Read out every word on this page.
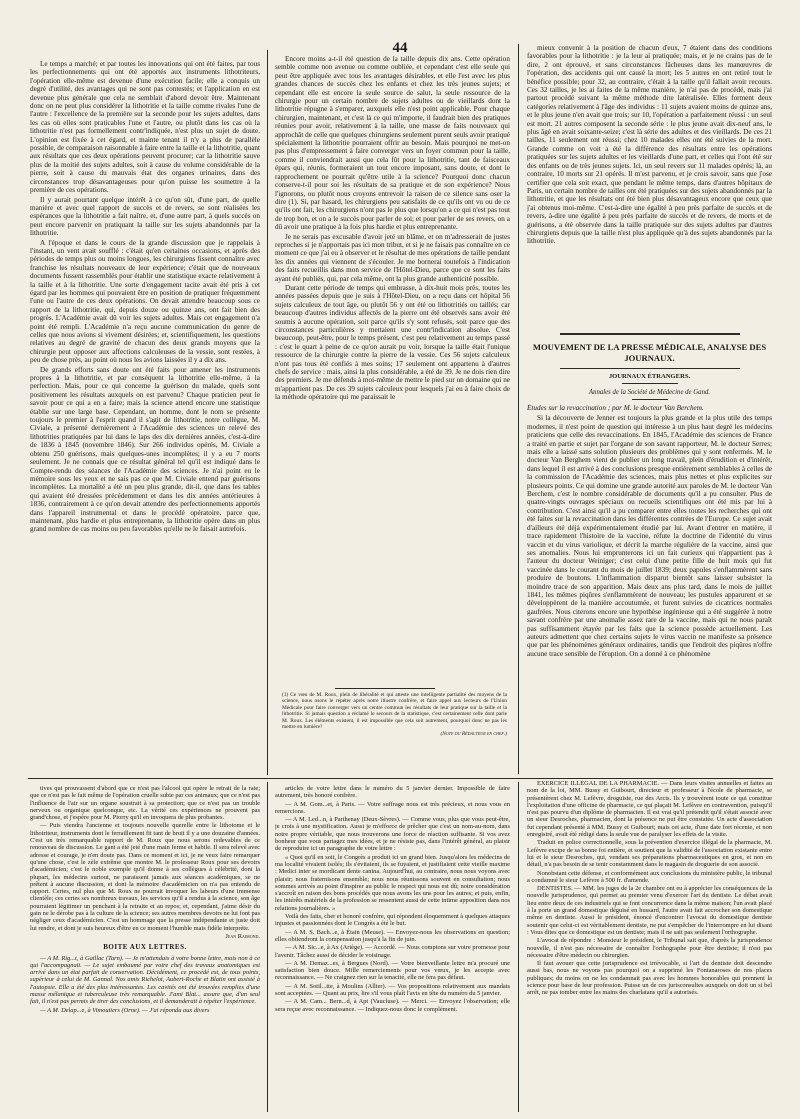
44

Le temps a marché; et par toutes les innovations qui ont été faites, par tous les perfectionnements qui ont été apportés aux instruments lithotriteurs, l'opération elle-même est devenue d'une exécution facile; elle a conquis un degré d'utilité, des avantages qui ne sont pas contestés; et l'application en est devenue plus générale que cela ne semblait d'abord devoir être. Maintenant donc on ne peut plus considérer la lithotritie et la taille comme rivales l'une de l'autre : l'excellence de la première sur la seconde pour les sujets adultes, dans les cas où elles sont praticables l'une et l'autre, ou plutôt dans les cas où la lithotritie n'est pas formellement contr'indiquée, n'est plus un sujet de doute. L'opinion est fixée à cet égard, et mainte tenant il n'y a plus de parallèle possible, de comparaison raisonnable à faire entre la taille et la lithotritie, quant aux résultats que ces deux opérations peuvent procurer; car la lithotritie sauve plus de la moitié des sujets adultes, soit à cause du volume considérable de la pierre, soit à cause du mauvais état des organes urinaires, dans des circonstances trop désavantageuses pour qu'on puisse les soumettre à la première de ces opérations.

Il y aurait pourtant quelque intérêt à ce qu'on sût, d'une part, de quelle manière et avec quel rapport de succès et de revers, se sont réalisées les espérances que la lithotritie a fait naître, et, d'une autre part, à quels succès on peut encore parvenir en pratiquant la taille sur les sujets abandonnés par la lithotritie.

A l'époque et dans le cours de la grande discussion que je rappelais à l'instant, un vent avait soufflé : c'était qu'en certaines occasions, et après des périodes de temps plus ou moins longues, les chirurgiens fissent connaître avec franchise les résultats nouveaux de leur expérience; c'était que de nouveaux documents fussent rassemblés pour établir une statistique exacte relativement à la taille et à la lithotritie. Une sorte d'engagement tacite avait été pris à cet égard par les hommes qui pouvaient être en position de pratiquer fréquemment l'une ou l'autre de ces deux opérations. On devait attendre beaucoup sous ce rapport de la lithotritie, qui, depuis douze ou quinze ans, ont fait bien des progrès. L'Académie avait dû voir les sujets adultes. Mais cet engagement n'a point été rempli. L'Académie n'a reçu aucune communication du genre de celles que nous avions si vivement désirées; et, scientifiquement, les questions relatives au degré de gravité de chacun des deux grands moyens que la chirurgie peut opposer aux affections calculeuses de la vessie, sont restées, à peu de chose près, au point où nous les avions laissées il y a dix ans.

De grands efforts sans doute ont été faits pour amener les instruments propres à la lithotritie, et par conséquent la lithotritie elle-même, à la perfection. Mais, pour ce qui concerne la guérison du malade, quels sont positivement les résultats auxquels on est parvenu? Chaque praticien peut le savoir pour ce qui a en a faire; mais la science attend encore une statistique établie sur une large base. Cependant, un homme, dont le nom se présente toujours le premier à l'esprit quand il s'agit de lithotritie, notre collègue, M. Civiale, a présenté dernièrement à l'Académie des sciences un relevé des lithotrities pratiquées par lui dans le laps des dix dernières années, c'est-à-dire de 1836 à 1845 (novembre 1846). Sur 266 individus opérés, M. Civiale a obtenu 250 guérisons, mais quelques-unes incomplètes; il y a eu 7 morts seulement. Je ne connais que ce résultat général tel qu'il est indiqué dans le Compte-rendu des séances de l'Académie des sciences. Je n'ai point eu le mémoire sous les yeux et ne sais pas ce que M. Civiale entend par guérisons incomplètes. La mortalité a été un peu plus grande, dit-il, que dans les tables qui avaient été dressées précédemment et dans les dix années antérieures à 1836, contrairement à ce qu'on devait attendre des perfectionnements apportés dans l'appareil instrumental et dans le procédé opératoire, parce que, maintenant, plus hardie et plus entreprenante, la lithotritie opère dans un plus grand nombre de cas moins ou peu favorables qu'elle ne le faisait autrefois.

Encore moins a-t-il été question de la taille depuis dix ans. Cette opération semble comme non avenue ou comme oubliée, et cependant c'est elle seule qui peut être appliquée avec tous les avantages désirables, et elle l'est avec les plus grandes chances de succès chez les enfants et chez les très jeunes sujets; et cependant elle est encore la seule source de salut, la seule ressource de la chirurgie pour un certain nombre de sujets adultes ou de vieillards dont la lithotritie répugne à s'emparer, auxquels elle n'est point applicable. Pour chaque chirurgien, maintenant, et c'est là ce qui m'importe, il faudrait bien des pratiques réunies pour avoir, relativement à la taille, une masse de faits nouveaux qui approchât de celle que quelques chirurgiens seulement purent seuls avoir pratiqué spécialement la lithotritie pourraient offrir au besoin. Mais pourquoi ne met-on pas plus d'empressement à faire converger vers un foyer commun pour la taille, comme il conviendrait aussi que cela fût pour la lithotritie, tant de faisceaux épars qui, réunis, formeraient un tout encore imposant, sans doute, et dont le rapprochement ne pourrait qu'être utile à la science? Pourquoi donc chacun conserve-t-il pour soi les résultats de sa pratique et de son expérience? Nous l'ignorons, ou plutôt nous croyons entrevoir la raison de ce silence sans oser la dire (1). Si, par hasard, les chirurgiens peu satisfaits de ce qu'ils ont vu ou de ce qu'ils ont fait, les chirurgiens n'ont pas le plus que lorsqu'on a ce qui n'est pas tout de trop bon, et on a le succès pour parler de soi; et pour parler de ses revers, on a dû avoir une pratique à la fois plus hardie et plus entreprenante.

Je ne serais pas excusable d'avoir jeté un blâme, et on m'adresserait de justes reproches si je n'apportais pas ici mon tribut, et si je ne faisais pas connaître en ce moment ce que j'ai eu à observer et le résultat de mes opérations de taille pendant les dix années qui viennent de s'écouler. Je me bornerai toutefois à l'indication des faits recueillis dans mon service de l'Hôtel-Dieu, parce que ce sont les faits ayant été publiés, qui, par cela même, ont la plus grande authenticité possible.

Durant cette période de temps qui embrasse, à dix-huit mois près, toutes les années passées depuis que je suis à l'Hôtel-Dieu, on a reçu dans cet hôpital 56 sujets calculeux de tout âge, ou plutôt 56 y ont été ou lithotritiés ou taillés; car beaucoup d'autres individus affectés de la pierre ont été observés sans avoir été soumis à aucune opération, soit parce qu'ils s'y sont refusés, soit parce que des circonstances particulières y mettaient une contr'indication absolue. C'est beaucoup, peut-être, pour le temps présent, c'est peu relativement au temps passé : c'est le quart à peine de ce qu'on aurait pu voir, lorsque la taille était l'unique ressource de la chirurgie contre la pierre de la vessie. Ces 56 sujets calculeux n'ont pas tous été confiés à mes soins; 17 seulement ont appartenu à d'autres chefs de service : mais, ainsi la plus considérable, a été de 39. Je ne dois rien dire des premiers. Je me défends à moi-même de mettre le pied sur un domaine qui ne m'appartient pas. De ces 39 sujets calculeux pour lesquels j'ai eu à faire choix de la méthode opératoire qui me paraissait le

(1) Ce vœu de M. Roux, plein de libéralité et qui atteste une intelligente partialité des moyens de la science, nous osons le répéter après notre illustre confrère, et faire appel aux lecteurs de l'Union Médicale pour faire converger vers un centre commun les résultats de leur pratique sur la taille et la lithotritie. Si jamais question a réclamé le secours de la statistique, c'est certainement celle dont parle M. Roux. Les éléments existent, il est impossible que cela soit autrement, pourquoi donc ne pas les mettre en lumière?
(Note du Rédacteur en chef.)

mieux convenir à la position de chacun d'eux, 7 étaient dans des conditions favorables pour la lithotritie : je la leur ai pratiquée; mais, et je ne crains pas de le dire, 2 ont éprouvé, et sans circonstances fâcheuses dans les manœuvres de l'opération, des accidents qui ont causé la mort; les 5 autres en ont retiré tout le bénéfice possible; pour 32, au contraire, c'était à la taille qu'il fallait avoir recours. Ces 32 tailles, je les ai faites de la même manière, je n'ai pas de procédé, mais j'ai partout procédé suivant la même méthode dite latéralisée. Elles forment deux catégories relativement à l'âge des individus : 11 sujets avaient moins de quinze ans, et le plus jeune n'en avait que trois; sur 10, l'opération a parfaitement réussi : un seul est mort. 21 autres composent la seconde série : le plus jeune avait dix-neuf ans, le plus âgé en avait soixante-seize; c'est là série des adultes et des vieillards. De ces 21 tailles, 11 seulement ont réussi; chez 10 malades elles ont été suivies de la mort. Grande comme on voit a été la différence des résultats entre les opérations pratiquées sur les sujets adultes et les vieillards d'une part, et celles qui l'ont été sur des enfants ou de très jeunes sujets. Ici, un seul revers sur 11 malades opérés; là, au contraire, 10 morts sur 21 opérés. Il m'est parvenu, et je crois savoir, sans que j'ose certifier que cela soit exact, que pendant le même temps, dans d'autres hôpitaux de Paris, un certain nombre de tailles ont été pratiquées sur des sujets abandonnés par la lithotritie, et que les résultats ont été bien plus désavantageux encore que ceux que j'ai obtenus moi-même. C'est-à-dire une égalité à peu près parfaite de succès et de revers, à-dire une égalité à peu près parfaite de succès et de revers, de morts et de guérisons, a été observée dans la taille pratiquée sur des sujets adultes par d'autres chirurgiens depuis que la taille n'est plus appliquée qu'à des sujets abandonnés par la lithotritie.

MOUVEMENT DE LA PRESSE MÉDICALE, ANALYSE DES JOURNAUX.
JOURNAUX ÉTRANGERS.
Annales de la Société de Médecine de Gand.
Études sur la revaccination ; par M. le docteur Van Berchem.

Si la découverte de Jenner est toujours la plus grande et la plus utile des temps modernes, il n'est point de question qui intéresse à un plus haut degré les médecins praticiens que celle des revaccinations. En 1845, l'Académie des sciences de France a traité en partie et sujet par l'organe de son savant rapporteur, M. le docteur Serres; mais elle a laissé sans solution plusieurs des problèmes qui y sont renfermés. M. le docteur Van Berghem vient de publier un long travail, plein d'érudition et d'intérêt, dans lequel il est arrivé à des conclusions presque entièrement semblables à celles de la commission de l'Académie des sciences, mais plus nettes et plus explicites sur plusieurs points. Ce qui domine une grande autorité aux paroles de M. le docteur Van Berchem, c'est le nombre considérable de documents qu'il a pu consulter. Plus de quatre-vingts ouvrages spéciaux ou recueils scientifiques ont été mis par lui à contribution. C'est ainsi qu'il a pu comparer entre elles toutes les recherches qui ont été faites sur la revaccination dans les différentes contrées de l'Europe. Ce sujet avait d'ailleurs été déjà expérimentalement étudié par lui. Avant d'entrer en matière, il trace rapidement l'histoire de la vaccine, réfute la doctrine de l'identité du virus vaccin et du virus variolique, et décrit la marche régulière de la vaccine, ainsi que ses anomalies. Nous lui emprunterons ici un fait curieux qui n'appartient pas à l'auteur du docteur Weiniger; c'est celui d'une petite fille de huit mois qui fut vaccinée dans le courant du mois de juillet 1839; deux papules s'enflammèrent sans produire de boutons. L'inflammation disparut bientôt sans laisser subsister la moindre trace de son apparition. Mais deux ans plus tard, dans le mois de juillet 1841, les mêmes piqûres s'enflammèrent de nouveau; les pustules apparurent et se développèrent de la manière accoutumée, et furent suivies de cicatrices normales gaufrées. Nous citerons encore une hypothèse ingénieuse qui a été suggérée à notre savant confrère par une anomalie assez rare de la vaccine, mais qui ne nous paraît pas suffisamment étayée par les faits que la science possède actuellement. Les auteurs admettent que chez certains sujets le virus vaccin ne manifeste sa présence que par les phénomènes généraux ordinaires, tandis que l'endroit des piqûres n'offre aucune trace sensible de l'éruption. On a donné à ce phénomène

tives qui prouvassent d'abord que ce n'est pas l'alcool qui opère le retrait de la rate; que ce n'est pas le fait même de l'opération cruelle subie par ces animaux; que ce n'est pas l'influence de l'air sur un organe soustrait à sa protection; que ce n'est pas un trouble nerveux ou organique quelconque, etc. La vérité ces expériences ne prouvent pas grand'chose, et j'espère pour M. Piorry qu'il en invoquera de plus probantes.

— Puis viendra l'ancienne et toujours nouvelle querelle entre le lithotome et le lithotriteur, instruments dont le ferraillement fit tant de bruit il y a une douzaine d'années. C'est un très remarquable rapport de M. Roux que nous serons redevables de ce renouveau de discussion. Le gant a été jeté d'une main ferme et habile. Il sera relevé avec adresse et courage, je n'en doute pas. Dans ce moment et ici, je ne veux faire remarquer qu'une chose, c'est le zèle extrême que montre M. le professeur Roux pour ses devoirs d'académicien; c'est le noble exemple qu'il donne à ses collègues à célébrité, dont la plupart, les médecins surtout, ne paraissent jamais aux séances académiques, se ne prêtent à aucune discussion, et dont la mémoire d'académicien on n'a pas entendu de rapport. Certes, nul plus que M. Roux ne pourrait invoquer les labeurs d'une immense clientèle; ces certes ses nombreux travaux, les services qu'il a rendus à la science, son âge pourraient légitimer un penchant à la retraite et au repos; et, cependant, j'aime désir du gain ne le dérobe pas à la culture de la science; ses autres membres devoirs ne lui font pas négliger ceux d'académicien. C'est un hommage que la presse indépendante et juste doit lui rendre, et dont je suis heureux d'être en ce moment l'humble mais fidèle interprète.

Jean Raimond.
BOITE AUX LETTRES.

— A M. Rig...t, à Gaillac (Tarn). — Je m'attendais à votre bonne lettre, mais non à ce qui l'accompagnait. — Le sujet embaumé par votre chef des travaux anatomiques est arrivé dans un état parfait de conservation. Décidément, ce procédé est, de tous points, supérieur à celui de M. Gannal. Nos amis Richelot, Aubert-Roche et Blatin ont assisté à l'autopsie. Elle a été des plus intéressantes. Les cavités ont été trouvées remplies d'une masse mélanique et tuberculeuse très remarquable. J'ami Blat... assure que, d'un seul fait, il n'est pas permis de tirer des conclusions, et il demanderait à répéter l'expérience.

— A M. Delap...e, à Vimoutiers (Orne). — J'ai répondu aux divers

articles de votre lettre dans le numéro du 5 janvier dernier. Impossible de faire autrement, très honoré confrère.

— A M. Gom...et, à Paris. — Votre suffrage nous est très précieux, et nous vous en remercions.

— A M. Led...n, à Parthenay (Deux-Sèvres). — Comme vous, plus que vous peut-être, je crois à une mystification. Aussi je m'efforce de prêcher que c'est un nom-au-nom, dans notre propre véritable, que nous trouverons une force de réaction suffisante. Si vos avez bonheur que vous partagez mes idées, et je ne résiste pas, dans l'intérêt général, au plaisir de reproduire ici un paragraphe de votre lettre :

« Quoi qu'il en soit, le Congrès a produit ici un grand bien. Jusqu'alors les médecins de ma localité vivaient isolés; ils s'évitaient, ils se fuyaient, et justifiaient cette vieille maxime : Medici inter se mordicant dente canina. Aujourd'hui, au contraire, nous nous voyons avec plaisir; nous fraternisons ensemble; nous nous réunissons souvent en consultation; nous sommes arrivés au point d'inspirer au public le respect qui nous est dû; notre considération s'accroît en raison des bons procédés que nous avons les uns pour les autres; et puis, enfin, les intérêts matériels de la profession se ressentent aussi de cette intime apposition dans nos relations journalières. »

Voilà des faits, cher et honoré confrère, qui répondent éloquemment à quelques attaques injustes et passionnées dont le Congrès a été le but.

— A M. S. Bach...e, à Étain (Meuse). — Envoyez-nous les observations en question; elles obtiendront la compensation jusqu'à la fin de juin.

— A M. Sic...e, à Ax (Ariège). — Accordé. — Nous comptons sur votre promesse pour l'avenir. Tâchez aussi de décider le voisinage.

— A M. Demaz...es, à Bergues (Nord). — Votre bienveillante lettre m'a procuré une satisfaction bien douce. Mille remerciements pour vos vœux, je les accepte avec reconnaissance. — Ne craignez rien sur la tenacité, elle ne fera pas défaut.

— A M. Sotil...tte, à Moulins (Allier). — Vos propositions relativement aux mandats sont acceptées. — Quant au prix, lire s'il vous plaît l'avis en tête du numéro du 5 janvier.

— A M. Cam... Bern...d, à Apt (Vaucluse). — Merci. — Envoyez l'observation; elle sera reçue avec reconnaissance. — Indiquez-nous donc le complément.

EXERCICE ILLÉGAL DE LA PHARMACIE. — Dans leurs visites annuelles et faites au nom de la loi, MM. Bussy et Guibourt, directeur et professeur à l'école de pharmacie, se présentèrent chez M. Lefèvre, droguiste, rue des Arcis. Ils y trouvèrent toute ce qui constitue l'exploitation d'une officine de pharmacie, ce qui plaçait M. Lefèvre en contravention, puisqu'il n'est pas pourvu d'un diplôme de pharmacien. Il est vrai qu'il prétendit qu'il s'était associé avec un sieur Desroches, pharmacien, dont la présence ne put être constatée. Un acte d'association fut cependant présenté à MM. Bussy et Guibourt; mais cet acte, d'une date fort récente, et non enregistré, avait été rédigé dans la seule vue de paralyser les effets de la visite.

Traduit en police correctionnelle, sous la prévention d'exercice illégal de la pharmacie, M. Lefèvre excipe de sa bonne foi entière, et soutient que la validité de l'association existante entre lui et le sieur Desroches, qui, vendant ses préparations pharmaceutiques en gros, et non en détail, n'a pas besoin de se tenir constamment dans le magasin de droguerie de son associé.

Nonobstant cette défense, et conformément aux conclusions du ministère public, le tribunal a condamné le sieur Lefèvre à 500 fr. d'amende.

DENTISTES. — MM. les juges de la 2e chambre ont eu à apprécier les conséquences de la nouvelle jurisprudence, qui permet au premier venu d'exercer l'art du dentiste. Le débat avait lieu entre deux de ces industriels qui se font concurrence dans la même maison; l'un avait placé à la porte un grand domestique déguisé en hussard, l'autre avait fait accrocher son domestique même en dentiste. Aussi le président, énoncé d'encontrer l'avocat du domestique dentiste soutenir que celui-ci est véritablement dentiste, ne put s'empêcher de l'interrompre en lui disant : Vous dites que ce domestique est un dentiste; mais il ne sait pas seulement l'orthographe.

L'avocat de répondre : Monsieur le président, le Tribunal sait que, d'après la jurisprudence nouvelle, il n'est pas nécessaire de connaître l'orthographe pour être dentiste; il n'est pas nécessaire d'être médecin ou chirurgien.

Il faut avouer que cette jurisprudence est irrévocable, si l'art du dentiste doit descendre aussi bas, nous ne voyons pas pourquoi on a supprimé les Fontanaroses de nos places publiques; du moins on ne les condamnait pas avec les hommes honorables qui prennent la science pour base de leur profession. Puisse un de ces jurisconsultes auxquels on doit un si bel arrêt, ne pas tomber entre les mains des charlatans qu'il a autorisés.
